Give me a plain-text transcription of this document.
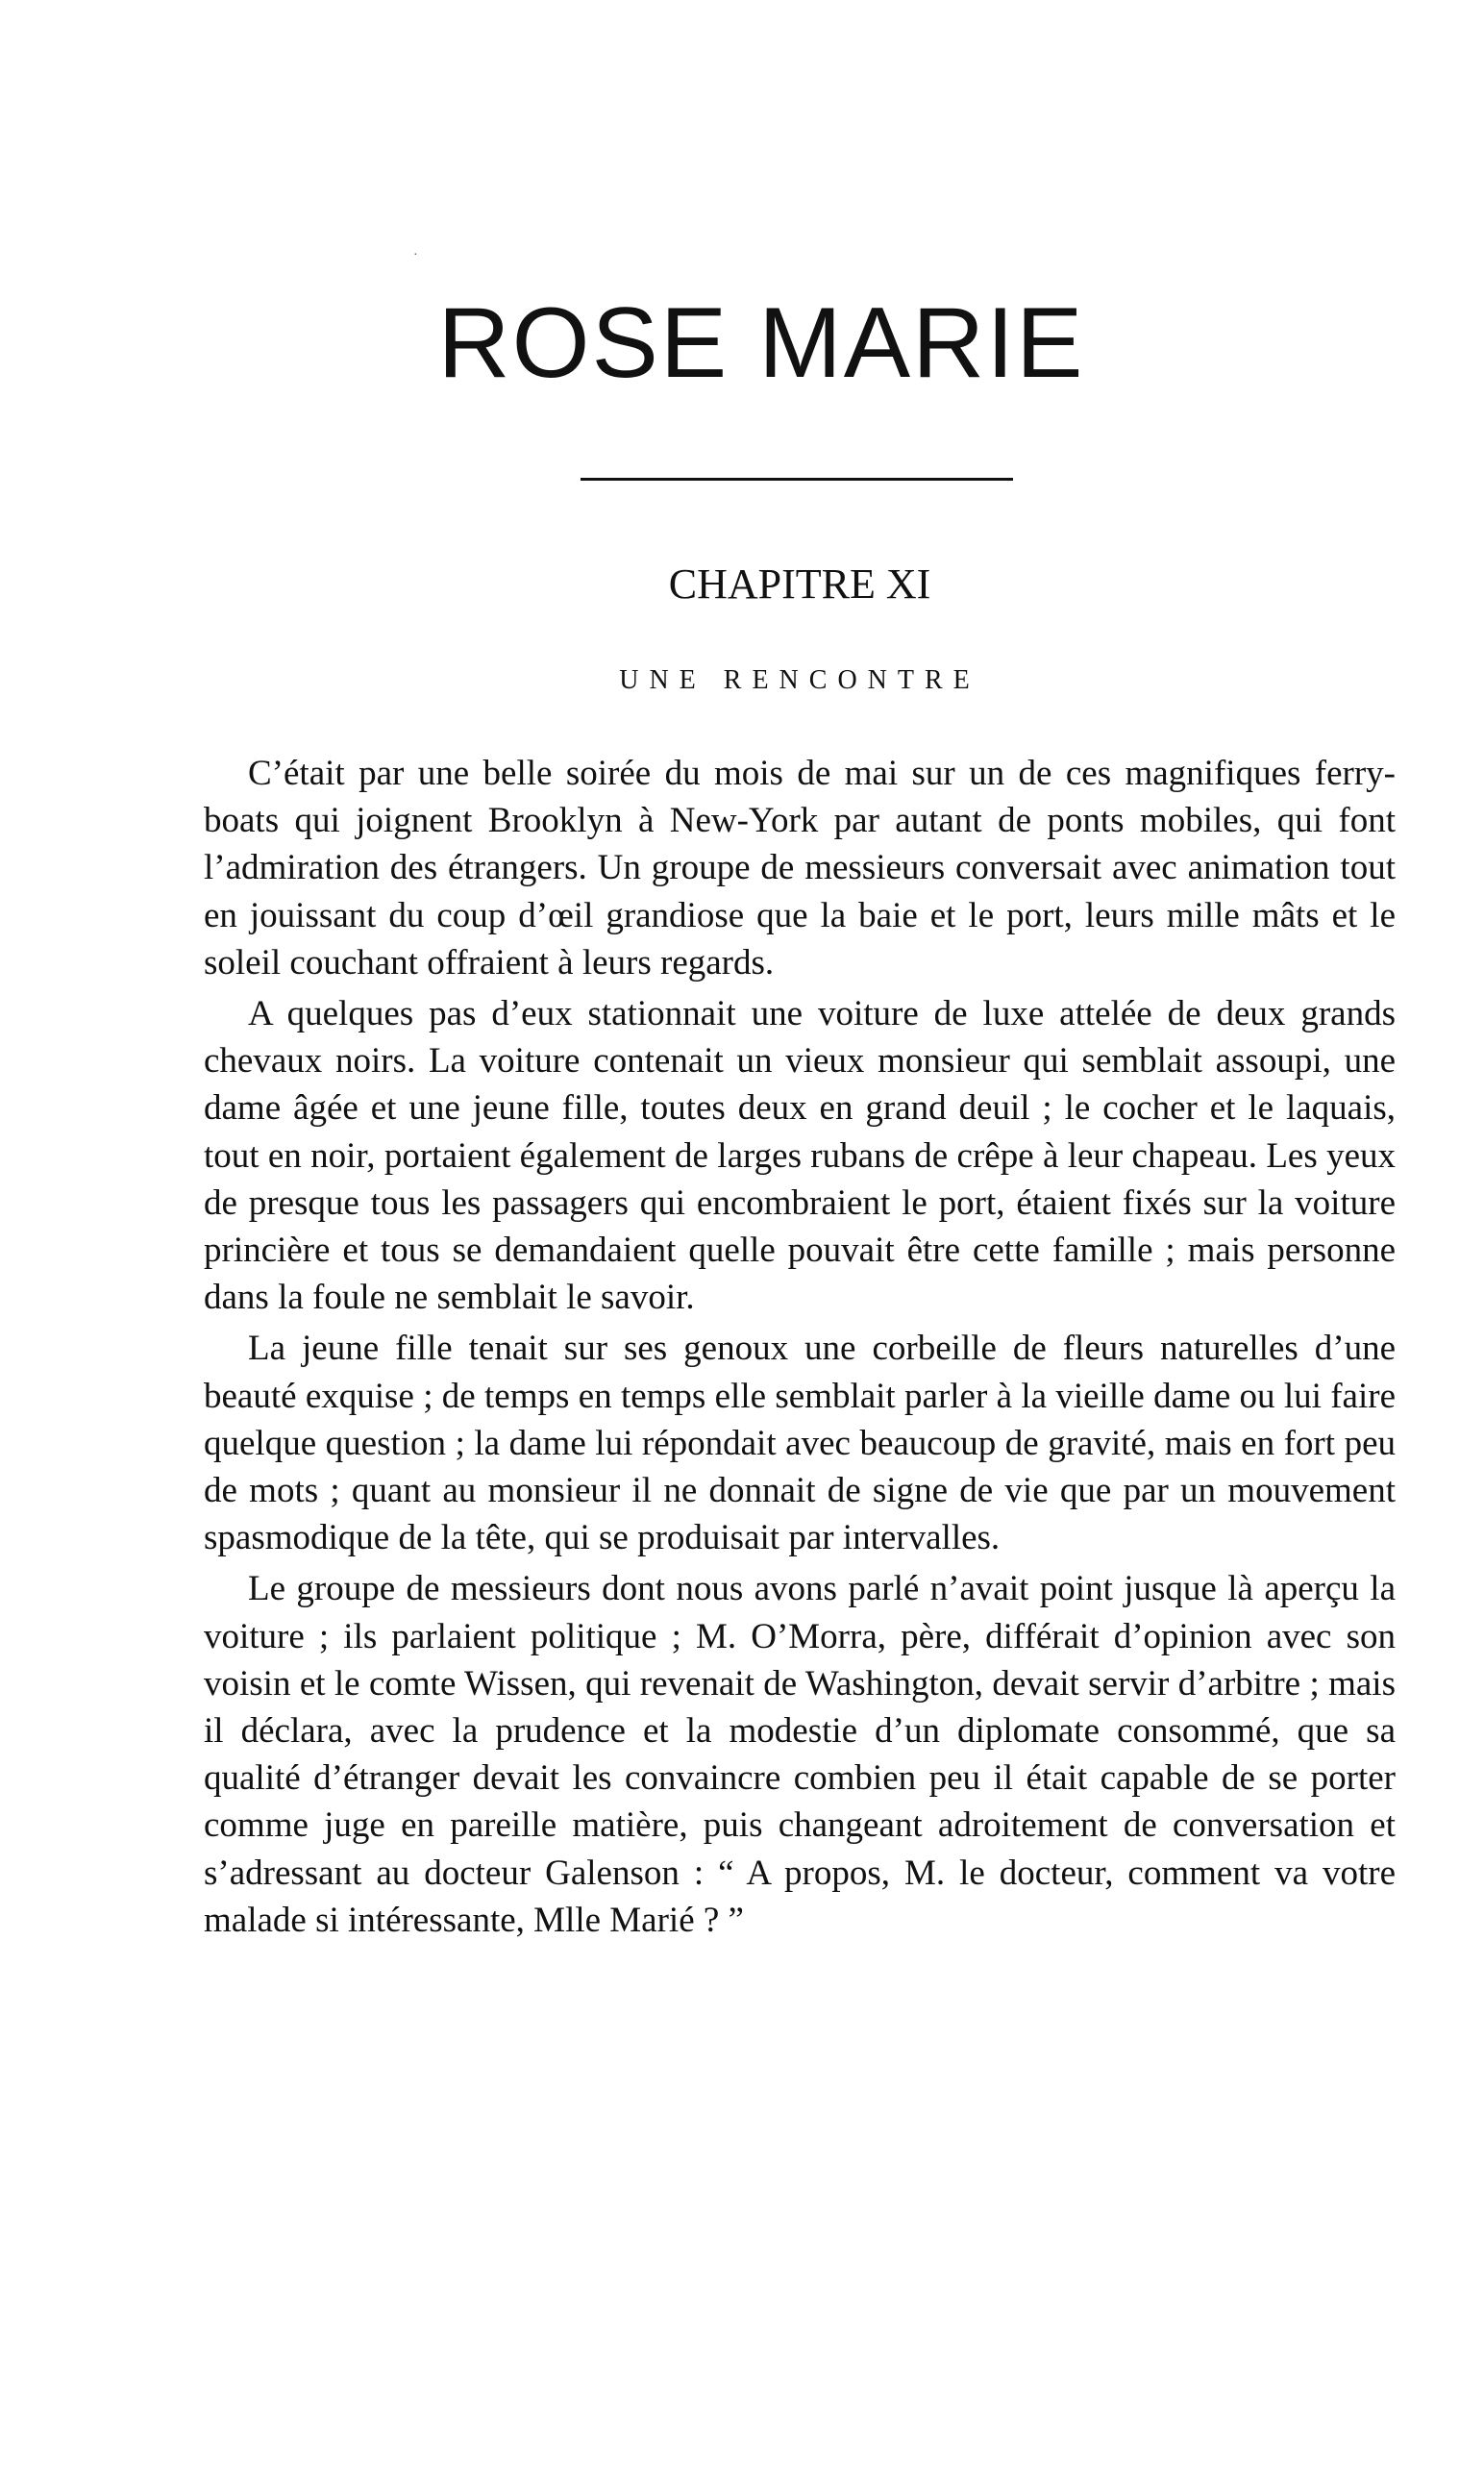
·
ROSE MARIE
CHAPITRE XI
UNE RENCONTRE

C’était par une belle soirée du mois de mai sur un de ces magnifiques ferry-boats qui joignent Brooklyn à New-York par autant de ponts mobiles, qui font l’admiration des étrangers. Un groupe de messieurs conversait avec animation tout en jouissant du coup d’œil grandiose que la baie et le port, leurs mille mâts et le soleil couchant offraient à leurs regards.

A quelques pas d’eux stationnait une voiture de luxe attelée de deux grands chevaux noirs. La voiture contenait un vieux monsieur qui semblait assoupi, une dame âgée et une jeune fille, toutes deux en grand deuil ; le cocher et le laquais, tout en noir, portaient également de larges rubans de crêpe à leur chapeau. Les yeux de presque tous les passagers qui encombraient le port, étaient fixés sur la voiture princière et tous se demandaient quelle pouvait être cette famille ; mais personne dans la foule ne semblait le savoir.

La jeune fille tenait sur ses genoux une corbeille de fleurs naturelles d’une beauté exquise ; de temps en temps elle semblait parler à la vieille dame ou lui faire quelque question ; la dame lui répondait avec beaucoup de gravité, mais en fort peu de mots ; quant au monsieur il ne donnait de signe de vie que par un mouvement spasmodique de la tête, qui se produisait par intervalles.

Le groupe de messieurs dont nous avons parlé n’avait point jusque là aperçu la voiture ; ils parlaient politique ; M. O’Morra, père, différait d’opinion avec son voisin et le comte Wissen, qui revenait de Washington, devait servir d’arbitre ; mais il déclara, avec la prudence et la modestie d’un diplomate consommé, que sa qualité d’étranger devait les convaincre combien peu il était capable de se porter comme juge en pareille matière, puis changeant adroitement de conversation et s’adressant au docteur Galenson : “ A propos, M. le docteur, comment va votre malade si intéressante, Mlle Marié ? ”
